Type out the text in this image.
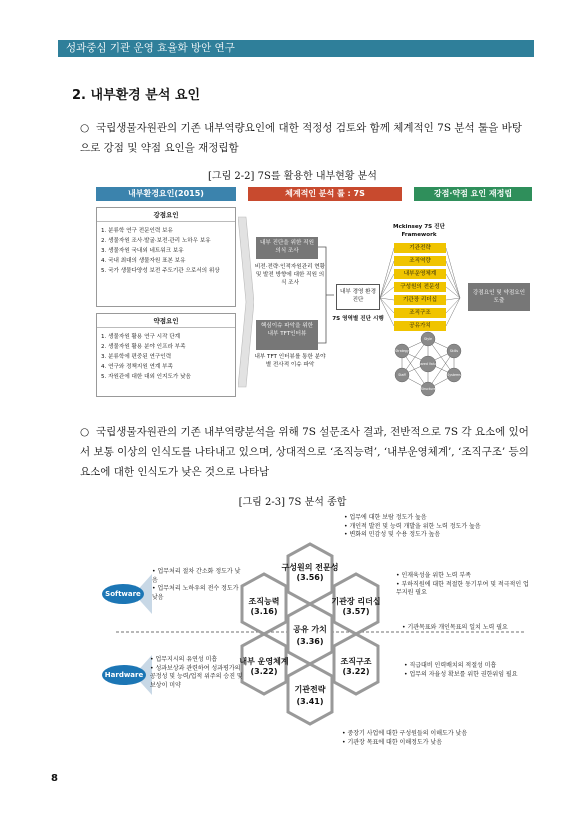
성과중심 기관 운영 효율화 방안 연구
2. 내부환경 분석 요인
○ 국립생물자원관의 기존 내부역량요인에 대한 적정성 검토와 함께 체계적인 7S 분석 툴을 바탕으로 강점 및 약점 요인을 재정립함
[그림 2-2] 7S를 활용한 내부현황 분석
내부환경요인(2015)	체계적인 분석 툴 : 7S	강점·약점 요인 재정립
강점요인
1. 분류학 연구 전문인력 보유
2. 생물자원 조사·발굴·보전·관리 노하우 보유
3. 생물자원 국내외 네트워크 보유
4. 국내 최대의 생물자원 표본 보유
5. 국가 생물다양성 보전 주도기관 으로서의 위상
약점요인
1. 생물자원 활용 연구 시작 단계
2. 생물자원 활용 분야 인프라 부족
3. 분류학에 편중된 연구인력
4. 연구와 정책지원 연계 부족
5. 자원관에 대한 대외 인지도가 낮음
내부 진단을 위한 직원 의식 조사
비전·전략·인적자원관리 현황 및 발전 방향에 대한 직원 의식 조사
핵심이슈 파악을 위한 내부 TFT인터뷰
내부 TFT 인터뷰를 통한 분야별 전사적 이슈 파악
내부 경영 환경 진단
7S 영역별 진단 시행
Mckinsey 7S 진단 Framework
기관전략
조직역량
내부운영체계
구성원의 전문성
기관장 리더십
조직구조
공유가치
강점요인 및 약점요인 도출
Style
Skills
Systems
Structure
Strategy
Staff
Shared Values
○ 국립생물자원관의 기존 내부역량분석을 위해 7S 설문조사 결과, 전반적으로 7S 각 요소에 있어서 보통 이상의 인식도를 나타내고 있으며, 상대적으로 ‘조직능력’, ‘내부운영체계’, ‘조직구조’ 등의 요소에 대한 인식도가 낮은 것으로 나타남
[그림 2-3] 7S 분석 종합
구성원의 전문성
(3.56)
조직능력
(3.16)
기관장 리더십
(3.57)
공유 가치
(3.36)
내부 운영체계
(3.22)
조직구조
(3.22)
기관전략
(3.41)
Software
Hardware
• 업무에 대한 보람 정도가 높음
• 개인적 발전 및 능력 개발을 위한 노력 정도가 높음
• 변화의 민감성 및 수용 정도가 높음
• 업무처리 절차 간소화 정도가 낮음
• 업무처리 노하우의 전수 정도가 낮음
• 인재육성을 위한 노력 부족
• 부하직원에 대한 적절한 동기부여 및 적극적인 업무지원 필요
• 기관목표와 개인목표의 일치 노력 필요
• 업무지시의 유연성 미흡
• 성과보상과 관련하여 성과평가의 공정성 및 능력/업적 위주의 승진 및 보상이 미약
• 직급대비 인력배치의 적절성 미흡
• 업무의 자율성 확보를 위한 권한위임 필요
• 중장기 사업에 대한 구성원들의 이해도가 낮음
• 기관장 목표에 대한 이해정도가 낮음
8
